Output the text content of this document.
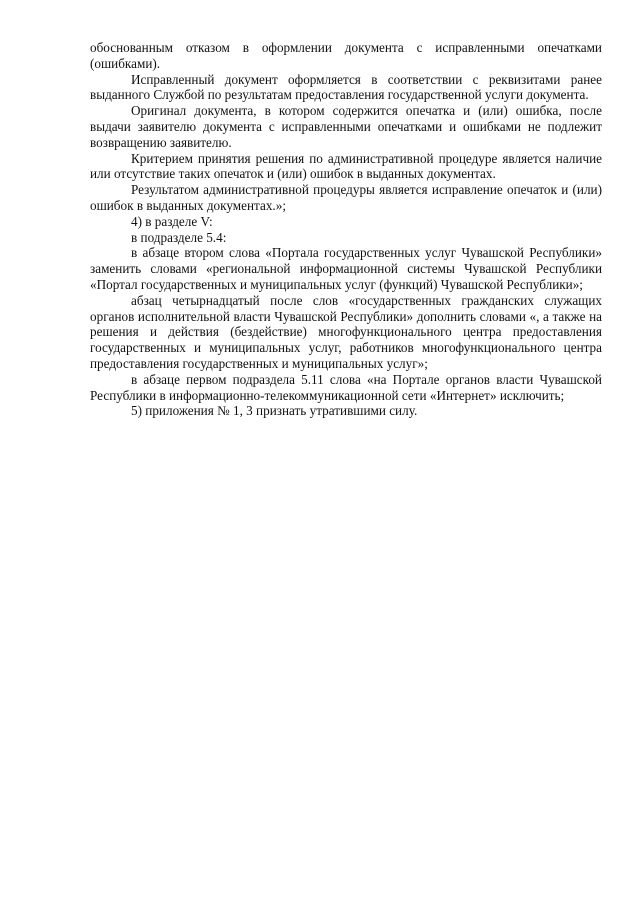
обоснованным отказом в оформлении документа с исправленными опечатками (ошибками).

Исправленный документ оформляется в соответствии с реквизитами ранее выданного Службой по результатам предоставления государственной услуги документа.

Оригинал документа, в котором содержится опечатка и (или) ошибка, после выдачи заявителю документа с исправленными опечатками и ошибками не подлежит возвращению заявителю.

Критерием принятия решения по административной процедуре является наличие или отсутствие таких опечаток и (или) ошибок в выданных документах.

Результатом административной процедуры является исправление опечаток и (или) ошибок в выданных документах.»;

4) в разделе V:

в подразделе 5.4:

в абзаце втором слова «Портала государственных услуг Чувашской Республики» заменить словами «региональной информационной системы Чувашской Республики «Портал государственных и муниципальных услуг (функций) Чувашской Республики»;

абзац четырнадцатый после слов «государственных гражданских служащих органов исполнительной власти Чувашской Республики» дополнить словами «, а также на решения и действия (бездействие) многофункционального центра предоставления государственных и муниципальных услуг, работников многофункционального центра предоставления государственных и муниципальных услуг»;

в абзаце первом подраздела 5.11 слова «на Портале органов власти Чувашской Республики в информационно-телекоммуникационной сети «Интернет» исключить;

5) приложения № 1, 3 признать утратившими силу.
